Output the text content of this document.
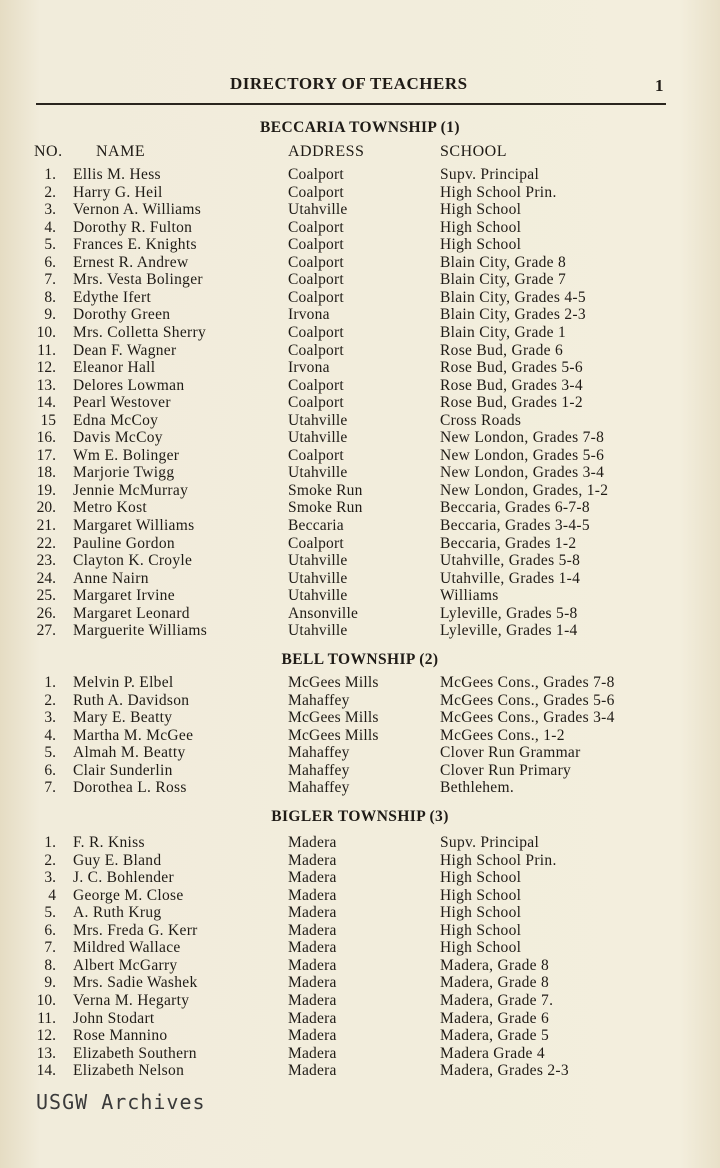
DIRECTORY OF TEACHERS	1
BECCARIA TOWNSHIP (1)
NO. NAME	ADDRESS	SCHOOL
1. Ellis M. Hess	Coalport	Supv. Principal
2. Harry G. Heil	Coalport	High School Prin.
3. Vernon A. Williams	Utahville	High School
4. Dorothy R. Fulton	Coalport	High School
5. Frances E. Knights	Coalport	High School
6. Ernest R. Andrew	Coalport	Blain City, Grade 8
7. Mrs. Vesta Bolinger	Coalport	Blain City, Grade 7
8. Edythe Ifert	Coalport	Blain City, Grades 4-5
9. Dorothy Green	Irvona	Blain City, Grades 2-3
10. Mrs. Colletta Sherry	Coalport	Blain City, Grade 1
11. Dean F. Wagner	Coalport	Rose Bud, Grade 6
12. Eleanor Hall	Irvona	Rose Bud, Grades 5-6
13. Delores Lowman	Coalport	Rose Bud, Grades 3-4
14. Pearl Westover	Coalport	Rose Bud, Grades 1-2
15 Edna McCoy	Utahville	Cross Roads
16. Davis McCoy	Utahville	New London, Grades 7-8
17. Wm E. Bolinger	Coalport	New London, Grades 5-6
18. Marjorie Twigg	Utahville	New London, Grades 3-4
19. Jennie McMurray	Smoke Run	New London, Grades, 1-2
20. Metro Kost	Smoke Run	Beccaria, Grades 6-7-8
21. Margaret Williams	Beccaria	Beccaria, Grades 3-4-5
22. Pauline Gordon	Coalport	Beccaria, Grades 1-2
23. Clayton K. Croyle	Utahville	Utahville, Grades 5-8
24. Anne Nairn	Utahville	Utahville, Grades 1-4
25. Margaret Irvine	Utahville	Williams
26. Margaret Leonard	Ansonville	Lyleville, Grades 5-8
27. Marguerite Williams	Utahville	Lyleville, Grades 1-4
BELL TOWNSHIP (2)
1. Melvin P. Elbel	McGees Mills	McGees Cons., Grades 7-8
2. Ruth A. Davidson	Mahaffey	McGees Cons., Grades 5-6
3. Mary E. Beatty	McGees Mills	McGees Cons., Grades 3-4
4. Martha M. McGee	McGees Mills	McGees Cons., 1-2
5. Almah M. Beatty	Mahaffey	Clover Run Grammar
6. Clair Sunderlin	Mahaffey	Clover Run Primary
7. Dorothea L. Ross	Mahaffey	Bethlehem.
BIGLER TOWNSHIP (3)
1. F. R. Kniss	Madera	Supv. Principal
2. Guy E. Bland	Madera	High School Prin.
3. J. C. Bohlender	Madera	High School
4 George M. Close	Madera	High School
5. A. Ruth Krug	Madera	High School
6. Mrs. Freda G. Kerr	Madera	High School
7. Mildred Wallace	Madera	High School
8. Albert McGarry	Madera	Madera, Grade 8
9. Mrs. Sadie Washek	Madera	Madera, Grade 8
10. Verna M. Hegarty	Madera	Madera, Grade 7.
11. John Stodart	Madera	Madera, Grade 6
12. Rose Mannino	Madera	Madera, Grade 5
13. Elizabeth Southern	Madera	Madera Grade 4
14. Elizabeth Nelson	Madera	Madera, Grades 2-3
USGW Archives
